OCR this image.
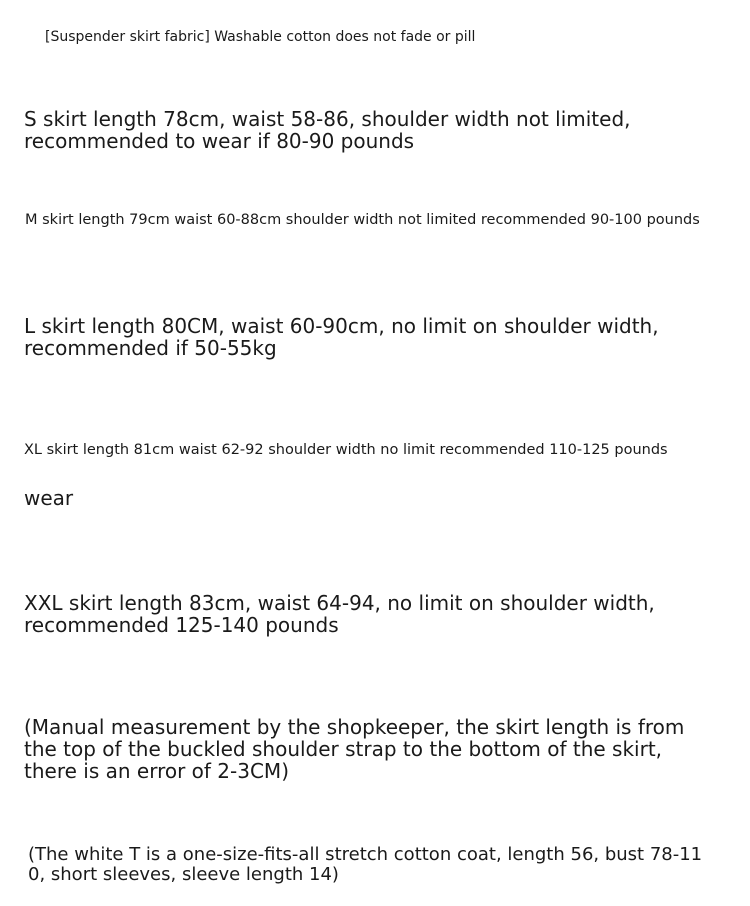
[Suspender skirt fabric] Washable cotton does not fade or pill

S skirt length 78cm, waist 58-86, shoulder width not limited,
recommended to wear if 80-90 pounds

M skirt length 79cm waist 60-88cm shoulder width not limited recommended 90-100 pounds

L skirt length 80CM, waist 60-90cm, no limit on shoulder width,
recommended if 50-55kg

XL skirt length 81cm waist 62-92 shoulder width no limit recommended 110-125 pounds

wear

XXL skirt length 83cm, waist 64-94, no limit on shoulder width,
recommended 125-140 pounds

(Manual measurement by the shopkeeper, the skirt length is from
the top of the buckled shoulder strap to the bottom of the skirt,
there is an error of 2-3CM)

(The white T is a one-size-fits-all stretch cotton coat, length 56, bust 78-11
0, short sleeves, sleeve length 14)
